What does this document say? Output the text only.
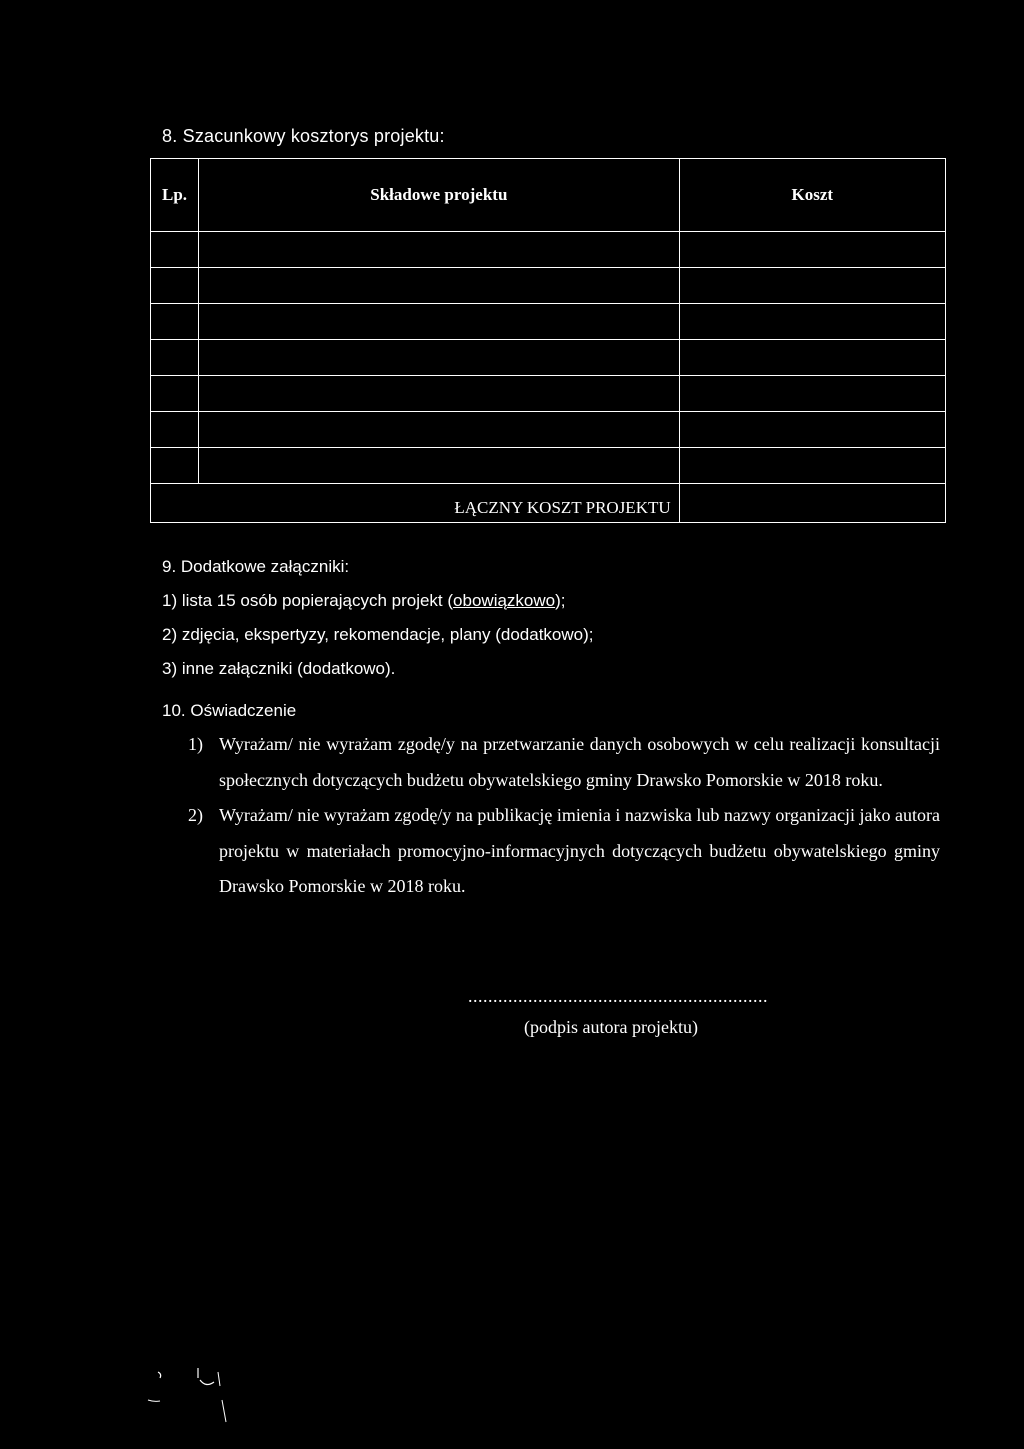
8. Szacunkowy kosztorys projektu:
Lp.	Składowe projektu	Koszt

ŁĄCZNY KOSZT PROJEKTU		
9. Dodatkowe załączniki:
1) lista 15 osób popierających projekt (obowiązkowo);
2) zdjęcia, ekspertyzy, rekomendacje, plany (dodatkowo);
3) inne załączniki (dodatkowo).
10. Oświadczenie
1) Wyrażam/ nie wyrażam zgodę/y na przetwarzanie danych osobowych w celu realizacji konsultacji społecznych dotyczących budżetu obywatelskiego gminy Drawsko Pomorskie w 2018 roku.
2) Wyrażam/ nie wyrażam zgodę/y na publikację imienia i nazwiska lub nazwy organizacji jako autora projektu w materiałach promocyjno-informacyjnych dotyczących budżetu obywatelskiego gminy Drawsko Pomorskie w 2018 roku.
............................................................
(podpis autora projektu)
